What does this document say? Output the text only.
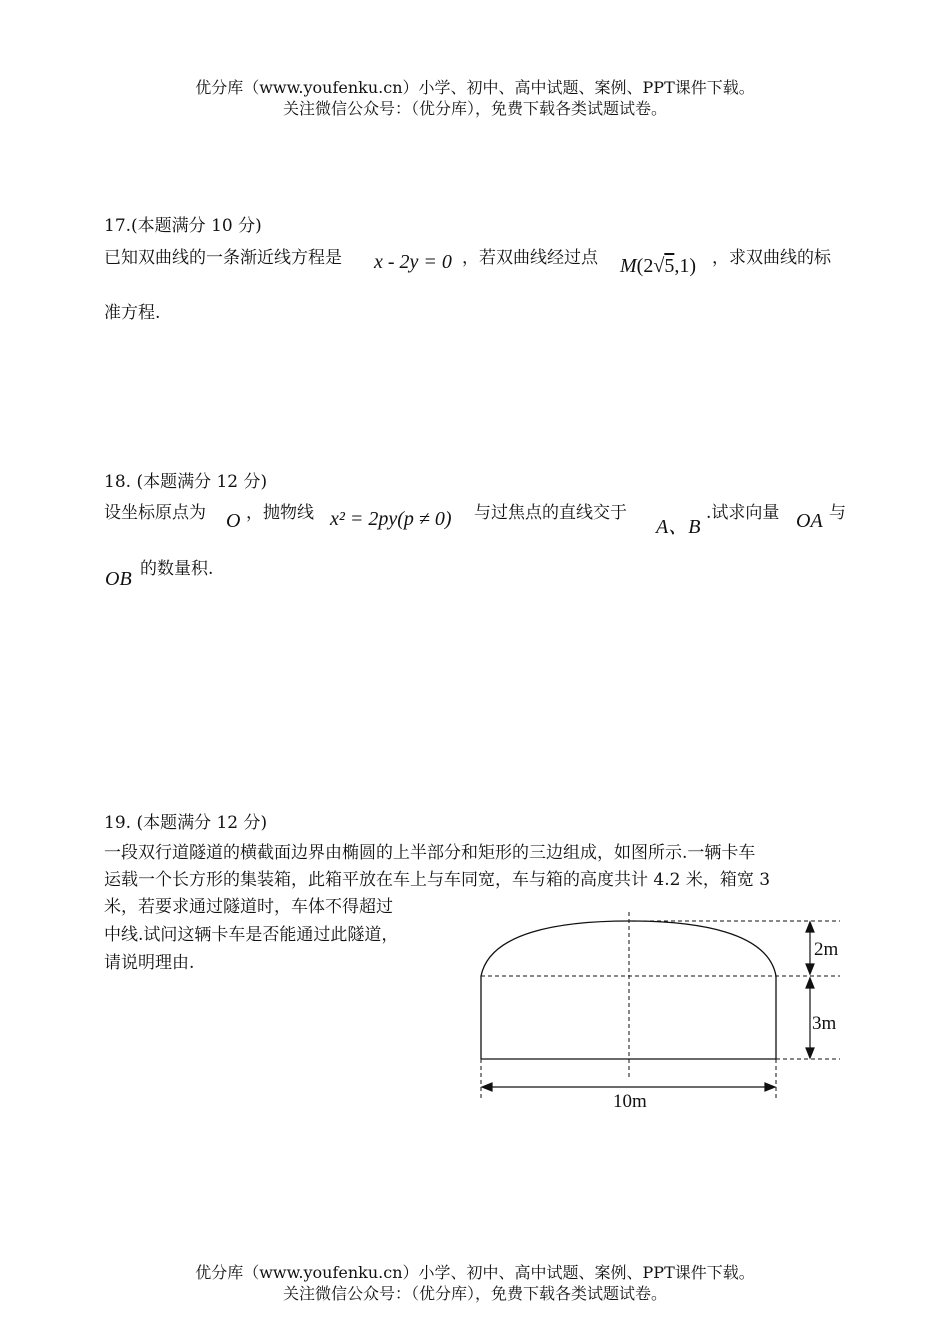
优分库（www.youfenku.cn）小学、初中、高中试题、案例、PPT课件下载。
关注微信公众号：（优分库），免费下载各类试题试卷。
17.(本题满分 10 分)
已知双曲线的一条渐近线方程是 x - 2y = 0 ，若双曲线经过点 M(2√5,1) ，求双曲线的标
准方程.
18. (本题满分 12 分)
设坐标原点为 O ，抛物线 x² = 2py(p ≠ 0) 与过焦点的直线交于
A、B
.试求向量 OA 与
OB 的数量积.
19. (本题满分 12 分)
一段双行道隧道的横截面边界由椭圆的上半部分和矩形的三边组成，如图所示.一辆卡车
运载一个长方形的集装箱，此箱平放在车上与车同宽，车与箱的高度共计 4.2 米，箱宽 3
米，若要求通过隧道时，车体不得超过
中线.试问这辆卡车是否能通过此隧道，
请说明理由.
2m
3m
10m
优分库（www.youfenku.cn）小学、初中、高中试题、案例、PPT课件下载。
关注微信公众号：（优分库），免费下载各类试题试卷。
